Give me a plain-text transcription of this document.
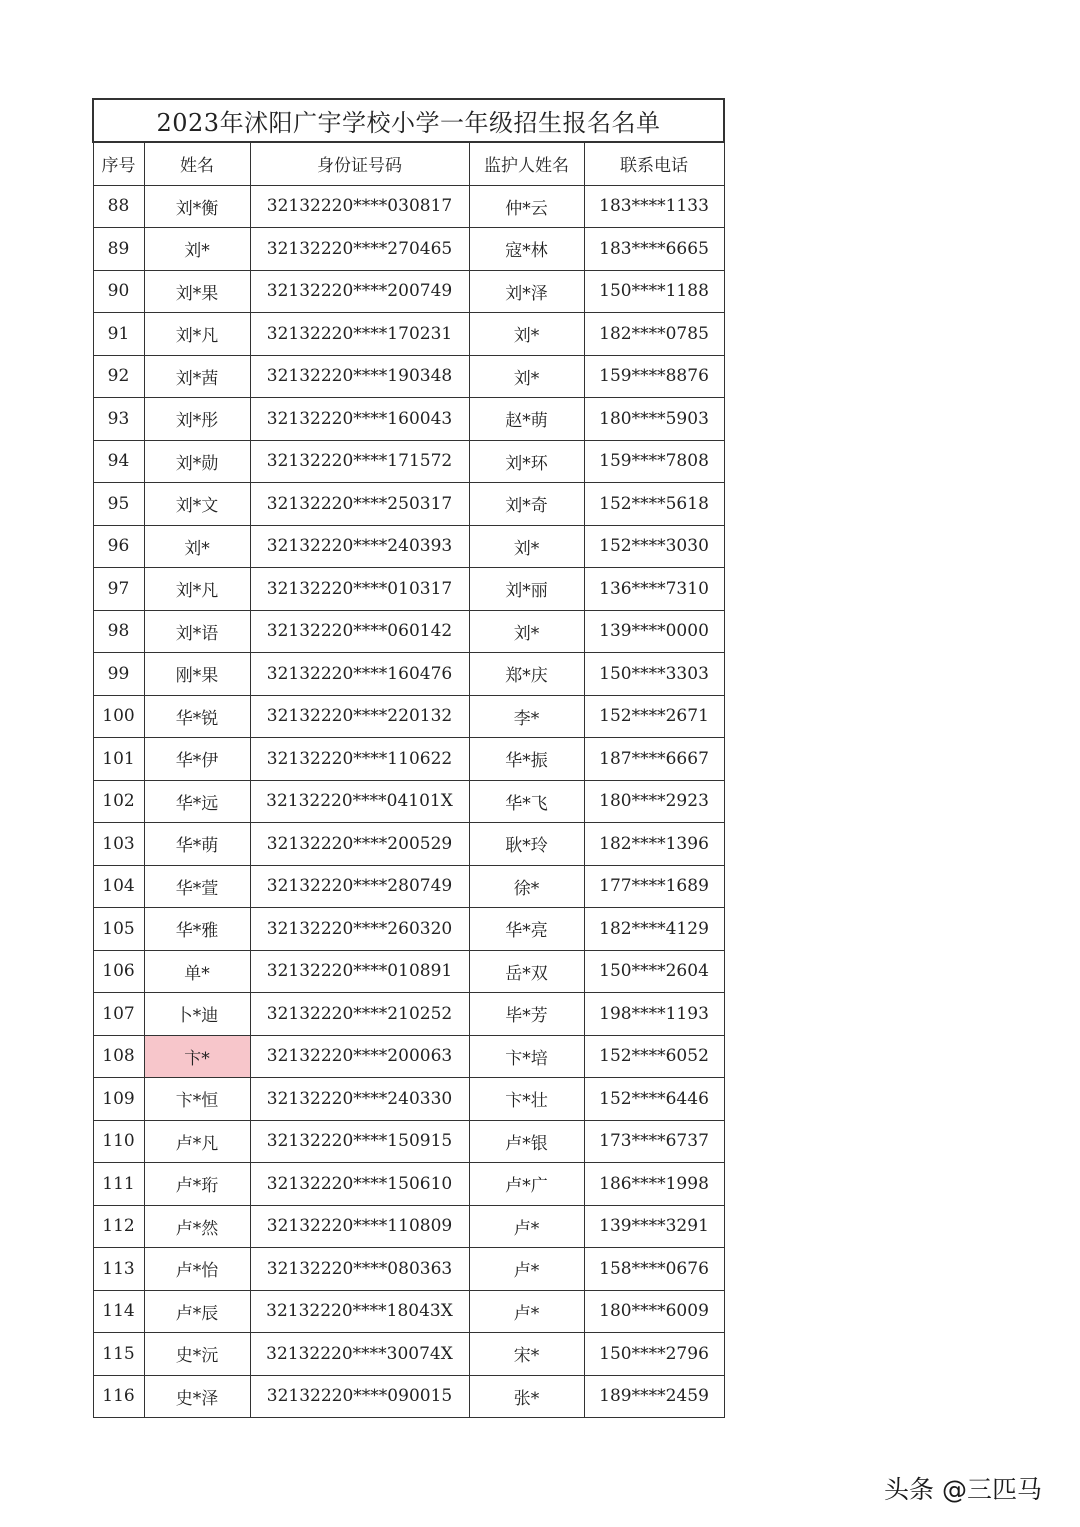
2023年沭阳广宇学校小学一年级招生报名名单				
序号	姓名	身份证号码	监护人姓名	联系电话
88	刘*衡	32132220****030817	仲*云	183****1133
89	刘*	32132220****270465	寇*林	183****6665
90	刘*果	32132220****200749	刘*泽	150****1188
91	刘*凡	32132220****170231	刘*	182****0785
92	刘*茜	32132220****190348	刘*	159****8876
93	刘*彤	32132220****160043	赵*萌	180****5903
94	刘*勋	32132220****171572	刘*环	159****7808
95	刘*文	32132220****250317	刘*奇	152****5618
96	刘*	32132220****240393	刘*	152****3030
97	刘*凡	32132220****010317	刘*丽	136****7310
98	刘*语	32132220****060142	刘*	139****0000
99	刚*果	32132220****160476	郑*庆	150****3303
100	华*锐	32132220****220132	李*	152****2671
101	华*伊	32132220****110622	华*振	187****6667
102	华*远	32132220****04101X	华*飞	180****2923
103	华*萌	32132220****200529	耿*玲	182****1396
104	华*萱	32132220****280749	徐*	177****1689
105	华*雅	32132220****260320	华*亮	182****4129
106	单*	32132220****010891	岳*双	150****2604
107	卜*迪	32132220****210252	毕*芳	198****1193
108	卞*	32132220****200063	卞*培	152****6052
109	卞*恒	32132220****240330	卞*壮	152****6446
110	卢*凡	32132220****150915	卢*银	173****6737
111	卢*珩	32132220****150610	卢*广	186****1998
112	卢*然	32132220****110809	卢*	139****3291
113	卢*怡	32132220****080363	卢*	158****0676
114	卢*辰	32132220****18043X	卢*	180****6009
115	史*沅	32132220****30074X	宋*	150****2796
116	史*泽	32132220****090015	张*	189****2459
头条 @三匹马
